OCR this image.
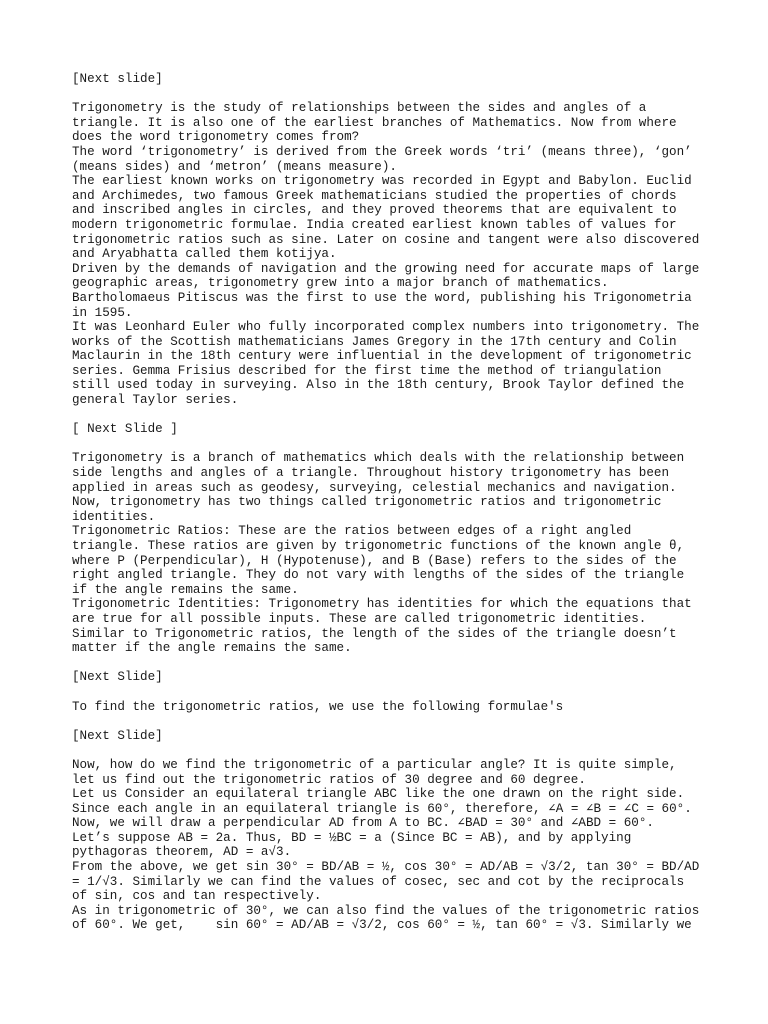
[Next slide]
Trigonometry is the study of relationships between the sides and angles of a
triangle. It is also one of the earliest branches of Mathematics. Now from where
does the word trigonometry comes from?
The word ‘trigonometry’ is derived from the Greek words ‘tri’ (means three), ‘gon’
(means sides) and ‘metron’ (means measure).
The earliest known works on trigonometry was recorded in Egypt and Babylon. Euclid
and Archimedes, two famous Greek mathematicians studied the properties of chords
and inscribed angles in circles, and they proved theorems that are equivalent to
modern trigonometric formulae. India created earliest known tables of values for
trigonometric ratios such as sine. Later on cosine and tangent were also discovered
and Aryabhatta called them kotijya.
Driven by the demands of navigation and the growing need for accurate maps of large
geographic areas, trigonometry grew into a major branch of mathematics.
Bartholomaeus Pitiscus was the first to use the word, publishing his Trigonometria
in 1595.
It was Leonhard Euler who fully incorporated complex numbers into trigonometry. The
works of the Scottish mathematicians James Gregory in the 17th century and Colin
Maclaurin in the 18th century were influential in the development of trigonometric
series. Gemma Frisius described for the first time the method of triangulation
still used today in surveying. Also in the 18th century, Brook Taylor defined the
general Taylor series.
[ Next Slide ]
Trigonometry is a branch of mathematics which deals with the relationship between
side lengths and angles of a triangle. Throughout history trigonometry has been
applied in areas such as geodesy, surveying, celestial mechanics and navigation.
Now, trigonometry has two things called trigonometric ratios and trigonometric
identities.
Trigonometric Ratios: These are the ratios between edges of a right angled
triangle. These ratios are given by trigonometric functions of the known angle θ,
where P (Perpendicular), H (Hypotenuse), and B (Base) refers to the sides of the
right angled triangle. They do not vary with lengths of the sides of the triangle
if the angle remains the same.
Trigonometric Identities: Trigonometry has identities for which the equations that
are true for all possible inputs. These are called trigonometric identities.
Similar to Trigonometric ratios, the length of the sides of the triangle doesn’t
matter if the angle remains the same.
[Next Slide]
To find the trigonometric ratios, we use the following formulae's
[Next Slide]
Now, how do we find the trigonometric of a particular angle? It is quite simple,
let us find out the trigonometric ratios of 30 degree and 60 degree.
Let us Consider an equilateral triangle ABC like the one drawn on the right side.
Since each angle in an equilateral triangle is 60°, therefore, ∠A = ∠B = ∠C = 60°.
Now, we will draw a perpendicular AD from A to BC. ∠BAD = 30° and ∠ABD = 60°.
Let’s suppose AB = 2a. Thus, BD = ½BC = a (Since BC = AB), and by applying
pythagoras theorem, AD = a√3.
From the above, we get sin 30° = BD/AB = ½, cos 30° = AD/AB = √3/2, tan 30° = BD/AD
= 1/√3. Similarly we can find the values of cosec, sec and cot by the reciprocals
of sin, cos and tan respectively.
As in trigonometric of 30°, we can also find the values of the trigonometric ratios
of 60°. We get,    sin 60° = AD/AB = √3/2, cos 60° = ½, tan 60° = √3. Similarly we
